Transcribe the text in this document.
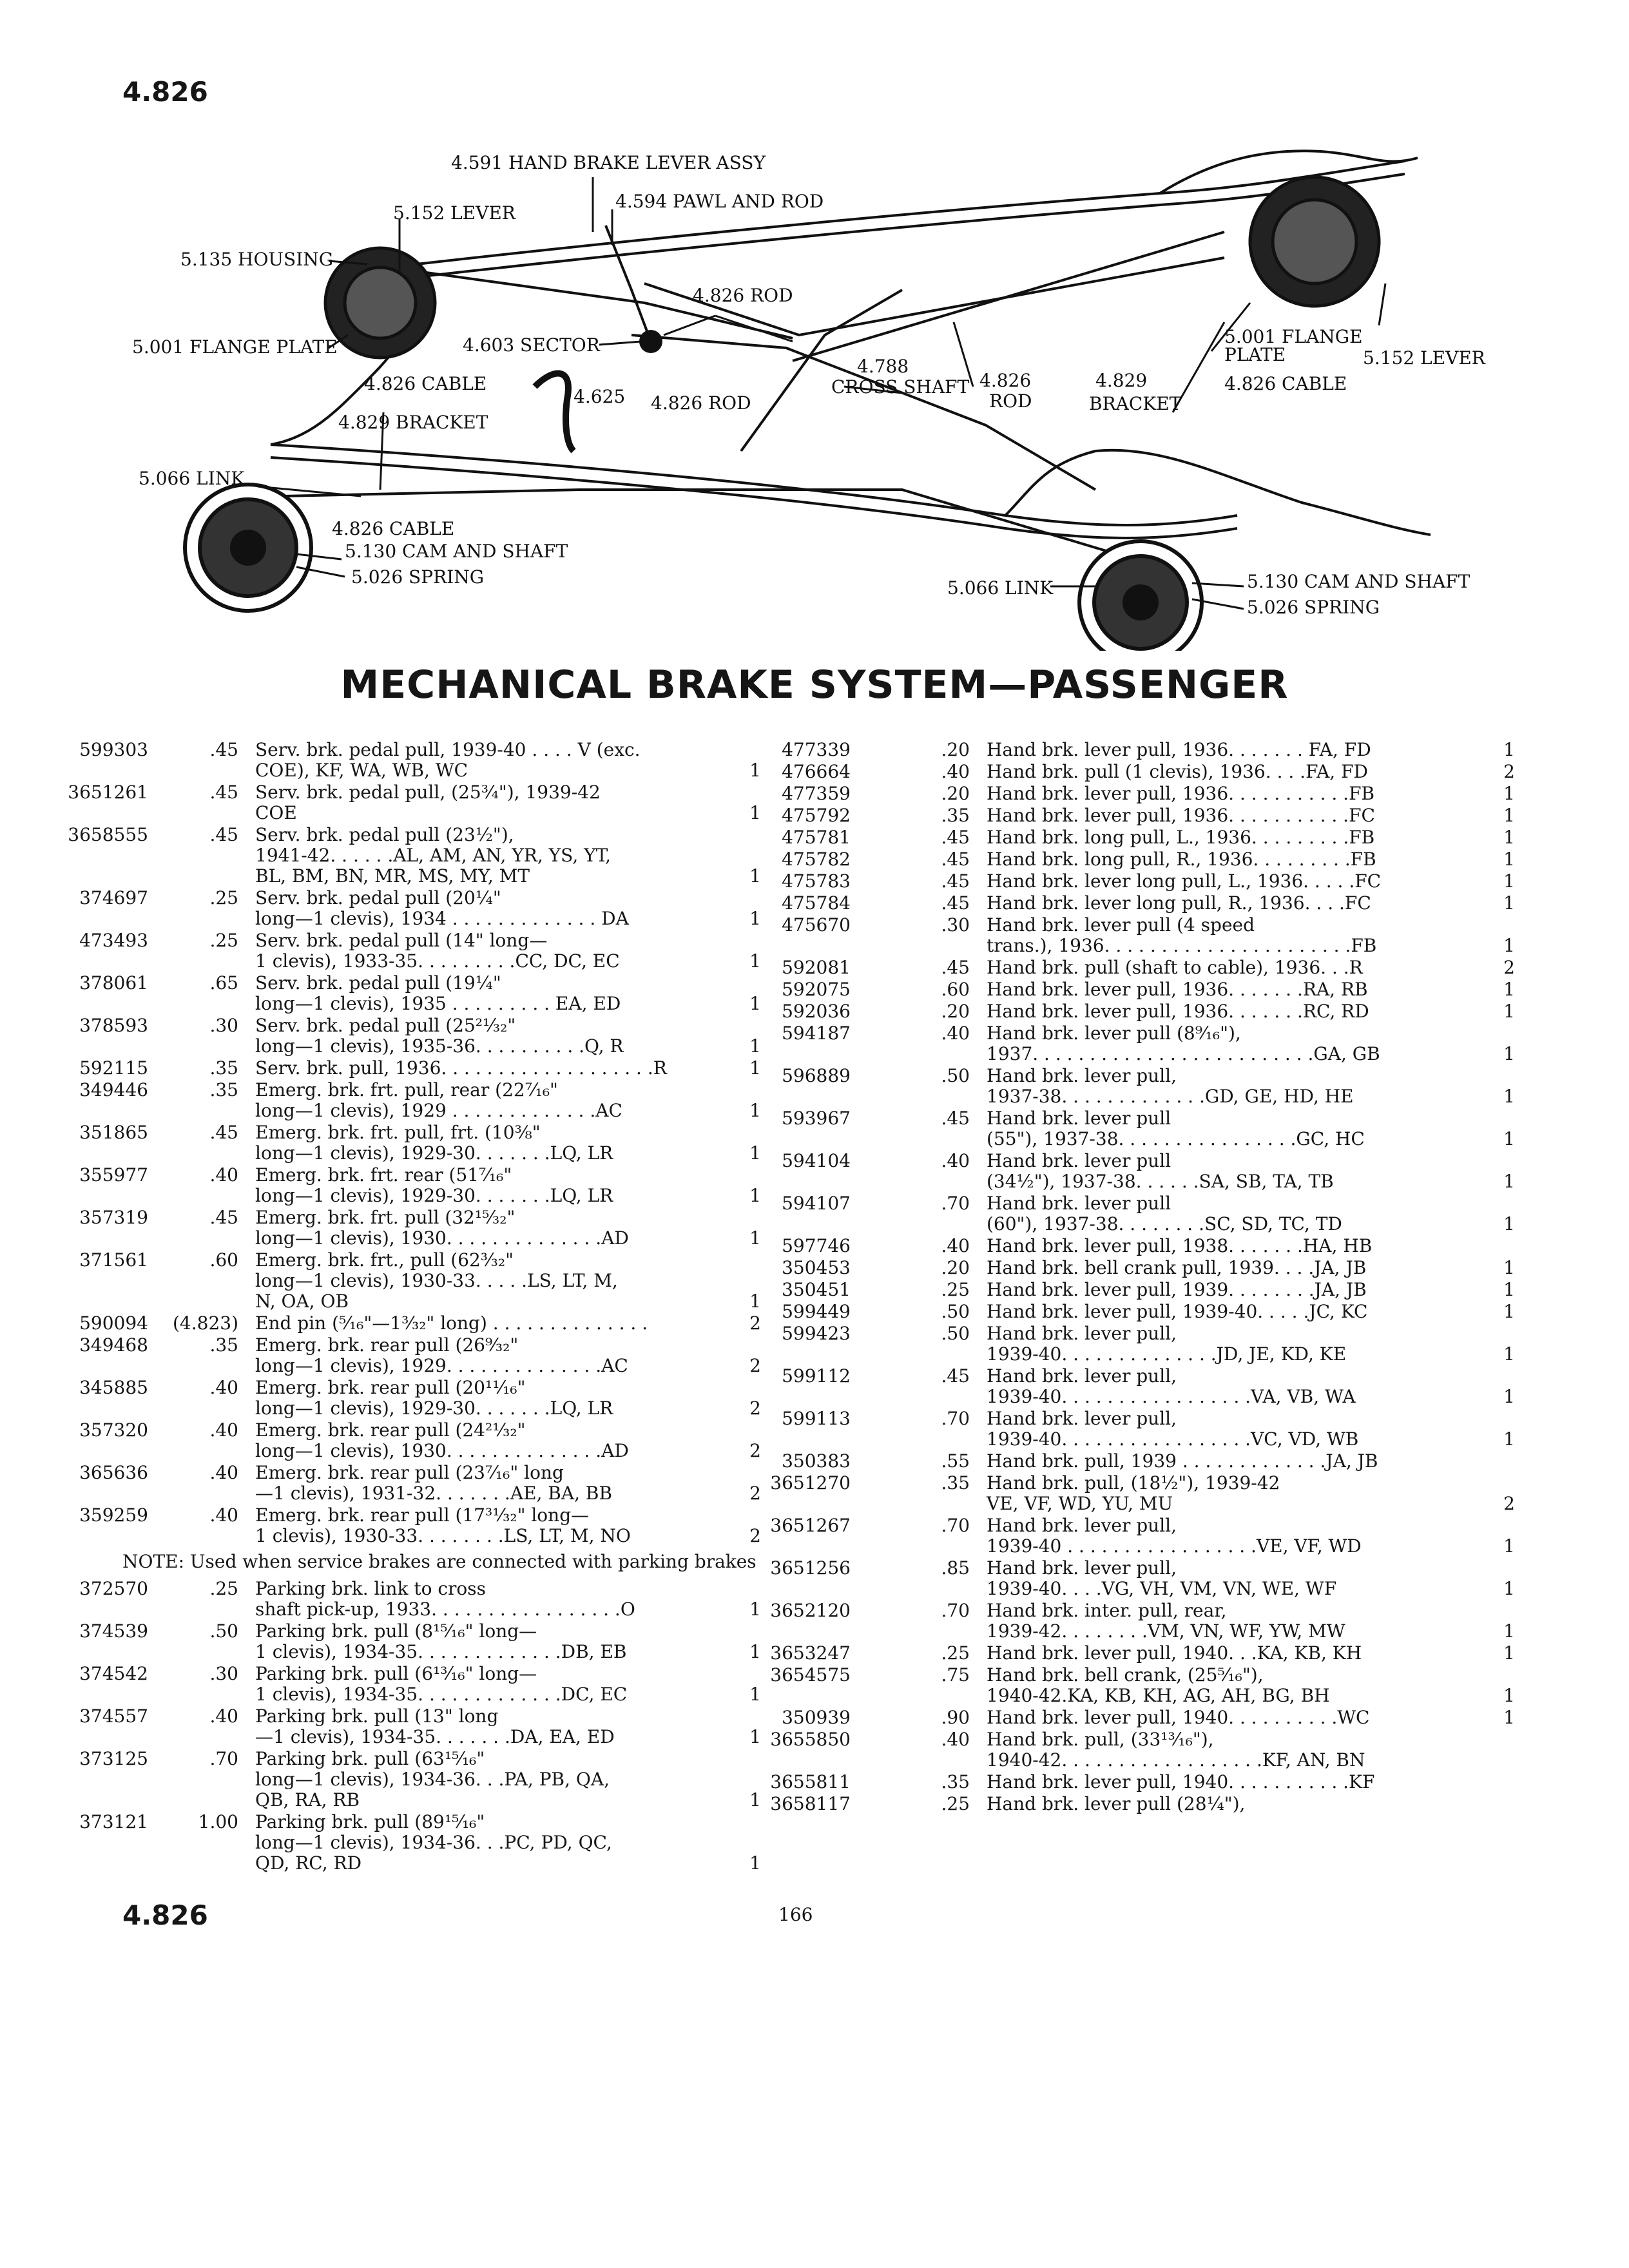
4.826
4.591 HAND BRAKE LEVER ASSY
5.152 LEVER
4.594 PAWL AND ROD
5.135 HOUSING
4.826 ROD
5.001 FLANGE PLATE	4.603 SECTOR
4.826 CABLE
4.625 4.826 ROD
4.829 BRACKET
4.788
CROSS SHAFT 4.826
ROD
4.829
BRACKET
5.001 FLANGE
PLATE	5.152 LEVER
4.826 CABLE
5.066 LINK
4.826 CABLE
5.130 CAM AND SHAFT
5.026 SPRING
5.066 LINK	5.130 CAM AND SHAFT
5.026 SPRING
MECHANICAL BRAKE SYSTEM—PASSENGER
599303	.45 Serv. brk. pedal pull, 1939-40 . . . . V (exc.
COE), KF, WA, WB, WC	1
3651261	.45 Serv. brk. pedal pull, (25¾"), 1939-42
COE	1
3658555	.45 Serv. brk. pedal pull (23½"),
1941-42. . . . . .AL, AM, AN, YR, YS, YT,
BL, BM, BN, MR, MS, MY, MT	1
374697	.25 Serv. brk. pedal pull (20¼"
long—1 clevis), 1934 . . . . . . . . . . . . . DA	1
473493	.25 Serv. brk. pedal pull (14" long—
1 clevis), 1933-35. . . . . . . . .CC, DC, EC	1
378061	.65 Serv. brk. pedal pull (19¼"
long—1 clevis), 1935 . . . . . . . . . EA, ED	1
378593	.30 Serv. brk. pedal pull (25²¹⁄₃₂"
long—1 clevis), 1935-36. . . . . . . . . .Q, R	1
592115	.35 Serv. brk. pull, 1936. . . . . . . . . . . . . . . . . . .R	1
349446	.35 Emerg. brk. frt. pull, rear (22⁷⁄₁₆"
long—1 clevis), 1929 . . . . . . . . . . . . .AC	1
351865	.45 Emerg. brk. frt. pull, frt. (10⅜"
long—1 clevis), 1929-30. . . . . . .LQ, LR	1
355977	.40 Emerg. brk. frt. rear (51⁷⁄₁₆"
long—1 clevis), 1929-30. . . . . . .LQ, LR	1
357319	.45 Emerg. brk. frt. pull (32¹⁵⁄₃₂"
long—1 clevis), 1930. . . . . . . . . . . . . .AD	1
371561	.60 Emerg. brk. frt., pull (62³⁄₃₂"
long—1 clevis), 1930-33. . . . .LS, LT, M,
N, OA, OB	1
590094	(4.823) End pin (⁵⁄₁₆"—1³⁄₃₂" long) . . . . . . . . . . . . . .	2
349468	.35 Emerg. brk. rear pull (26⁹⁄₃₂"
long—1 clevis), 1929. . . . . . . . . . . . . .AC	2
345885	.40 Emerg. brk. rear pull (20¹¹⁄₁₆"
long—1 clevis), 1929-30. . . . . . .LQ, LR	2
357320	.40 Emerg. brk. rear pull (24²¹⁄₃₂"
long—1 clevis), 1930. . . . . . . . . . . . . .AD	2
365636	.40 Emerg. brk. rear pull (23⁷⁄₁₆" long
—1 clevis), 1931-32. . . . . . .AE, BA, BB	2
359259	.40 Emerg. brk. rear pull (17³¹⁄₃₂" long—
1 clevis), 1930-33. . . . . . . .LS, LT, M, NO	2
NOTE: Used when service brakes are connected with parking brakes
372570	.25 Parking brk. link to cross
shaft pick-up, 1933. . . . . . . . . . . . . . . . .O	1
374539	.50 Parking brk. pull (8¹⁵⁄₁₆" long—
1 clevis), 1934-35. . . . . . . . . . . . .DB, EB	1
374542	.30 Parking brk. pull (6¹³⁄₁₆" long—
1 clevis), 1934-35. . . . . . . . . . . . .DC, EC	1
374557	.40 Parking brk. pull (13" long
—1 clevis), 1934-35. . . . . . .DA, EA, ED	1
373125	.70 Parking brk. pull (63¹⁵⁄₁₆"
long—1 clevis), 1934-36. . .PA, PB, QA,
QB, RA, RB	1
373121	1.00 Parking brk. pull (89¹⁵⁄₁₆"
long—1 clevis), 1934-36. . .PC, PD, QC,
QD, RC, RD	1
477339	.20 Hand brk. lever pull, 1936. . . . . . . FA, FD	1
476664	.40 Hand brk. pull (1 clevis), 1936. . . .FA, FD	2
477359	.20 Hand brk. lever pull, 1936. . . . . . . . . . .FB	1
475792	.35 Hand brk. lever pull, 1936. . . . . . . . . . .FC	1
475781	.45 Hand brk. long pull, L., 1936. . . . . . . . .FB	1
475782	.45 Hand brk. long pull, R., 1936. . . . . . . . .FB	1
475783	.45 Hand brk. lever long pull, L., 1936. . . . .FC	1
475784	.45 Hand brk. lever long pull, R., 1936. . . .FC	1
475670	.30 Hand brk. lever pull (4 speed
trans.), 1936. . . . . . . . . . . . . . . . . . . . . .FB	1
592081	.45 Hand brk. pull (shaft to cable), 1936. . .R	2
592075	.60 Hand brk. lever pull, 1936. . . . . . .RA, RB	1
592036	.20 Hand brk. lever pull, 1936. . . . . . .RC, RD	1
594187	.40 Hand brk. lever pull (8⁹⁄₁₆"),
1937. . . . . . . . . . . . . . . . . . . . . . . . .GA, GB	1
596889	.50 Hand brk. lever pull,
1937-38. . . . . . . . . . . . .GD, GE, HD, HE	1
593967	.45 Hand brk. lever pull
(55"), 1937-38. . . . . . . . . . . . . . . .GC, HC	1
594104	.40 Hand brk. lever pull
(34½"), 1937-38. . . . . .SA, SB, TA, TB	1
594107	.70 Hand brk. lever pull
(60"), 1937-38. . . . . . . .SC, SD, TC, TD	1
597746	.40 Hand brk. lever pull, 1938. . . . . . .HA, HB
350453	.20 Hand brk. bell crank pull, 1939. . . .JA, JB	1
350451	.25 Hand brk. lever pull, 1939. . . . . . . .JA, JB	1
599449	.50 Hand brk. lever pull, 1939-40. . . . .JC, KC	1
599423	.50 Hand brk. lever pull,
1939-40. . . . . . . . . . . . . .JD, JE, KD, KE	1
599112	.45 Hand brk. lever pull,
1939-40. . . . . . . . . . . . . . . . .VA, VB, WA	1
599113	.70 Hand brk. lever pull,
1939-40. . . . . . . . . . . . . . . . .VC, VD, WB	1
350383	.55 Hand brk. pull, 1939 . . . . . . . . . . . . .JA, JB
3651270	.35 Hand brk. pull, (18½"), 1939-42
VE, VF, WD, YU, MU	2
3651267	.70 Hand brk. lever pull,
1939-40 . . . . . . . . . . . . . . . . .VE, VF, WD	1
3651256	.85 Hand brk. lever pull,
1939-40. . . .VG, VH, VM, VN, WE, WF	1
3652120	.70 Hand brk. inter. pull, rear,
1939-42. . . . . . . .VM, VN, WF, YW, MW	1
3653247	.25 Hand brk. lever pull, 1940. . .KA, KB, KH	1
3654575	.75 Hand brk. bell crank, (25⁵⁄₁₆"),
1940-42.KA, KB, KH, AG, AH, BG, BH	1
350939	.90 Hand brk. lever pull, 1940. . . . . . . . . .WC	1
3655850	.40 Hand brk. pull, (33¹³⁄₁₆"),
1940-42. . . . . . . . . . . . . . . . . .KF, AN, BN
3655811	.35 Hand brk. lever pull, 1940. . . . . . . . . . .KF
3658117	.25 Hand brk. lever pull (28¼"),
4.826	166
